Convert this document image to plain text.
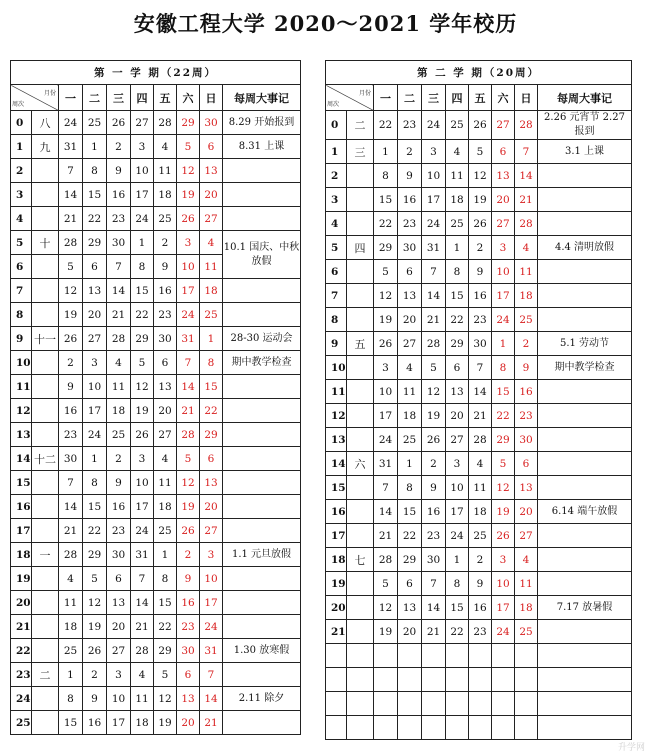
安徽工程大学 2020～2021 学年校历
第 一 学 期（22周）									

周次
月份		一	二	三	四	五	六	日	每周大事记
0	八	24	25	26	27	28	29	30	8.29 开始报到
1	九	31	1	2	3	4	5	6	8.31 上课
2		7	8	9	10	11	12	13	
3		14	15	16	17	18	19	20	
4		21	22	23	24	25	26	27	
5	十	28	29	30	1	2	3	4	10.1 国庆、中秋放假
6		5	6	7	8	9	10	11	
7		12	13	14	15	16	17	18	
8		19	20	21	22	23	24	25	
9	十一	26	27	28	29	30	31	1	28-30 运动会
10		2	3	4	5	6	7	8	期中教学检查
11		9	10	11	12	13	14	15	
12		16	17	18	19	20	21	22	
13		23	24	25	26	27	28	29	
14	十二	30	1	2	3	4	5	6	
15		7	8	9	10	11	12	13	
16		14	15	16	17	18	19	20	
17		21	22	23	24	25	26	27	
18	一	28	29	30	31	1	2	3	1.1 元旦放假
19		4	5	6	7	8	9	10	
20		11	12	13	14	15	16	17	
21		18	19	20	21	22	23	24	
22		25	26	27	28	29	30	31	1.30 放寒假
23	二	1	2	3	4	5	6	7	
24		8	9	10	11	12	13	14	2.11 除夕
25		15	16	17	18	19	20	21	
第 二 学 期（20周）									

周次
月份		一	二	三	四	五	六	日	每周大事记
0	二	22	23	24	25	26	27	28	2.26 元宵节 2.27 报到
1	三	1	2	3	4	5	6	7	3.1 上课
2		8	9	10	11	12	13	14	
3		15	16	17	18	19	20	21	
4		22	23	24	25	26	27	28	
5	四	29	30	31	1	2	3	4	4.4 清明放假
6		5	6	7	8	9	10	11	
7		12	13	14	15	16	17	18	
8		19	20	21	22	23	24	25	
9	五	26	27	28	29	30	1	2	5.1 劳动节
10		3	4	5	6	7	8	9	期中教学检查
11		10	11	12	13	14	15	16	
12		17	18	19	20	21	22	23	
13		24	25	26	27	28	29	30	
14	六	31	1	2	3	4	5	6	
15		7	8	9	10	11	12	13	
16		14	15	16	17	18	19	20	6.14 端午放假
17		21	22	23	24	25	26	27	
18	七	28	29	30	1	2	3	4	
19		5	6	7	8	9	10	11	
20		12	13	14	15	16	17	18	7.17 放暑假
21		19	20	21	22	23	24	25	

升学网
